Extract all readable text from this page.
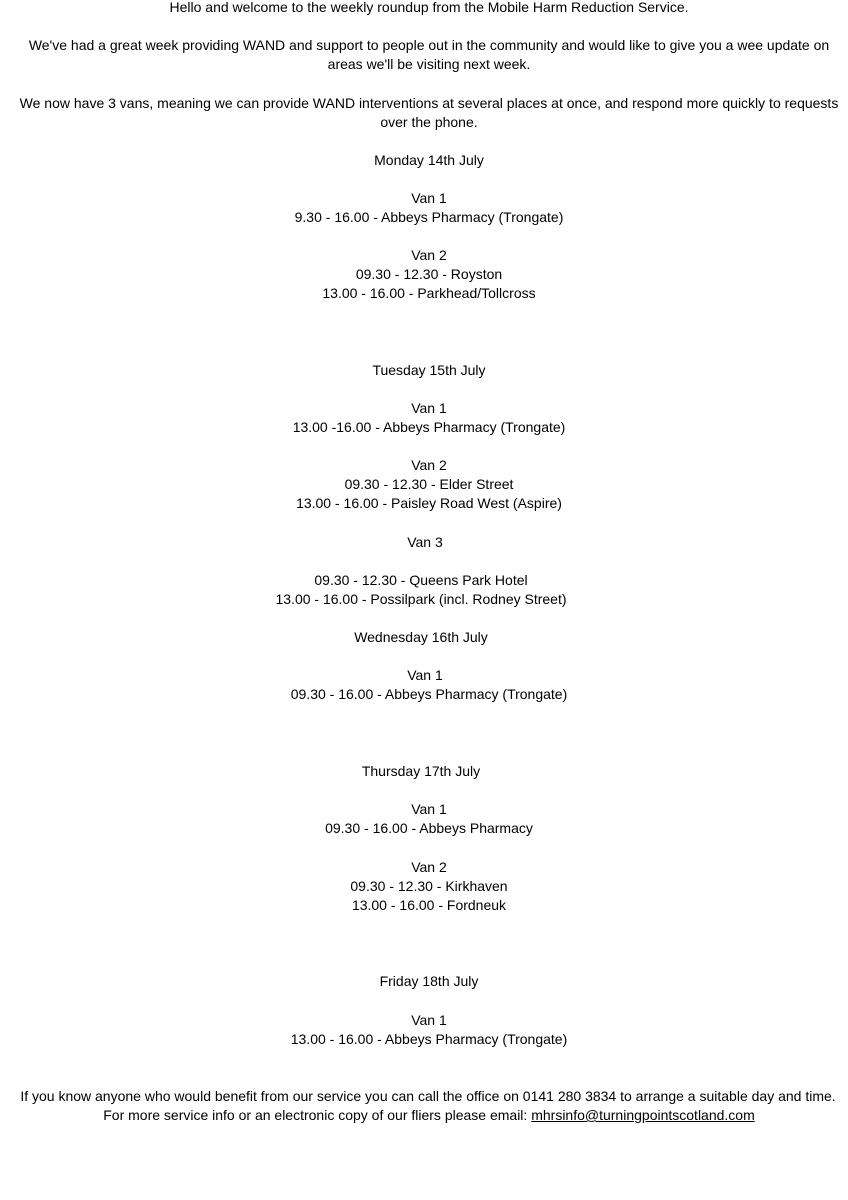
Hello and welcome to the weekly roundup from the Mobile Harm Reduction Service.
We've had a great week providing WAND and support to people out in the community and would like to give you a wee update on areas we'll be visiting next week.
We now have 3 vans, meaning we can provide WAND interventions at several places at once, and respond more quickly to requests over the phone.
Monday 14th July
Van 1
9.30 - 16.00 - Abbeys Pharmacy (Trongate)
Van 2
09.30 - 12.30 - Royston
13.00 - 16.00 - Parkhead/Tollcross
Tuesday 15th July
Van 1
13.00 -16.00 - Abbeys Pharmacy (Trongate)
Van 2
09.30 - 12.30 - Elder Street
13.00 - 16.00 - Paisley Road West (Aspire)
Van 3
09.30 - 12.30 - Queens Park Hotel
13.00 - 16.00 - Possilpark (incl. Rodney Street)
Wednesday 16th July
Van 1
09.30 - 16.00 - Abbeys Pharmacy (Trongate)
Thursday 17th July
Van 1
09.30 - 16.00 - Abbeys Pharmacy
Van 2
09.30 - 12.30 - Kirkhaven
13.00 - 16.00 - Fordneuk
Friday 18th July
Van 1
13.00 - 16.00 - Abbeys Pharmacy (Trongate)
If you know anyone who would benefit from our service you can call the office on 0141 280 3834 to arrange a suitable day and time.
For more service info or an electronic copy of our fliers please email: mhrsinfo@turningpointscotland.com
